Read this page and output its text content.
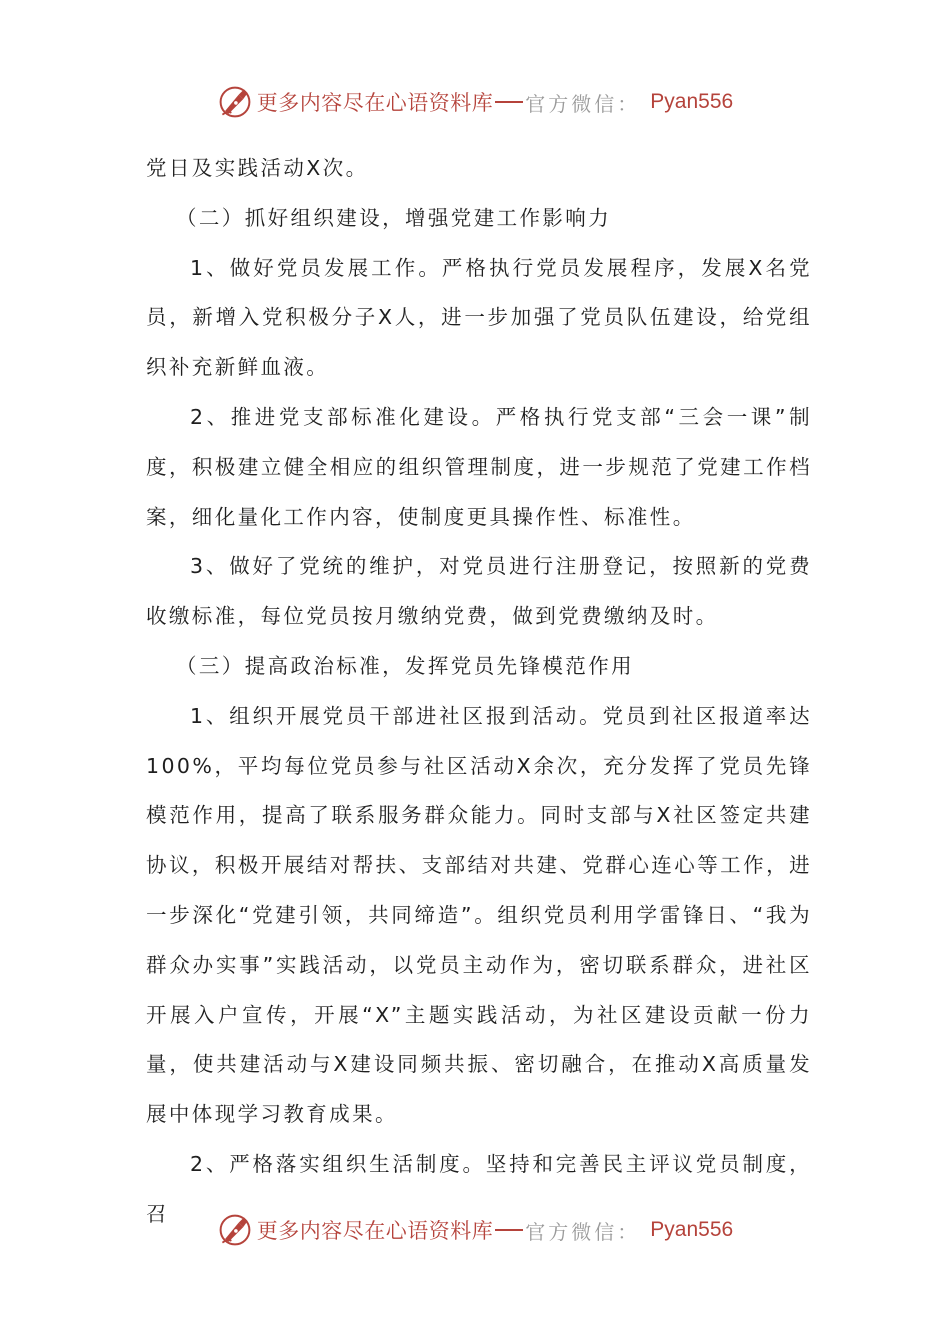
更多内容尽在心语资料库 官方微信： Pyan556

党日及实践活动X次。

（二）抓好组织建设，增强党建工作影响力

1、做好党员发展工作。严格执行党员发展程序，发展X名党员，新增入党积极分子X人，进一步加强了党员队伍建设，给党组织补充新鲜血液。

2、推进党支部标准化建设。严格执行党支部“三会一课”制度，积极建立健全相应的组织管理制度，进一步规范了党建工作档案，细化量化工作内容，使制度更具操作性、标准性。

3、做好了党统的维护，对党员进行注册登记，按照新的党费收缴标准，每位党员按月缴纳党费，做到党费缴纳及时。

（三）提高政治标准，发挥党员先锋模范作用

1、组织开展党员干部进社区报到活动。党员到社区报道率达100%，平均每位党员参与社区活动X余次，充分发挥了党员先锋模范作用，提高了联系服务群众能力。同时支部与X社区签定共建协议，积极开展结对帮扶、支部结对共建、党群心连心等工作，进一步深化“党建引领，共同缔造”。组织党员利用学雷锋日、“我为群众办实事”实践活动，以党员主动作为，密切联系群众，进社区开展入户宣传，开展“X”主题实践活动，为社区建设贡献一份力量，使共建活动与X建设同频共振、密切融合，在推动X高质量发展中体现学习教育成果。

2、严格落实组织生活制度。坚持和完善民主评议党员制度，召

更多内容尽在心语资料库 官方微信： Pyan556
